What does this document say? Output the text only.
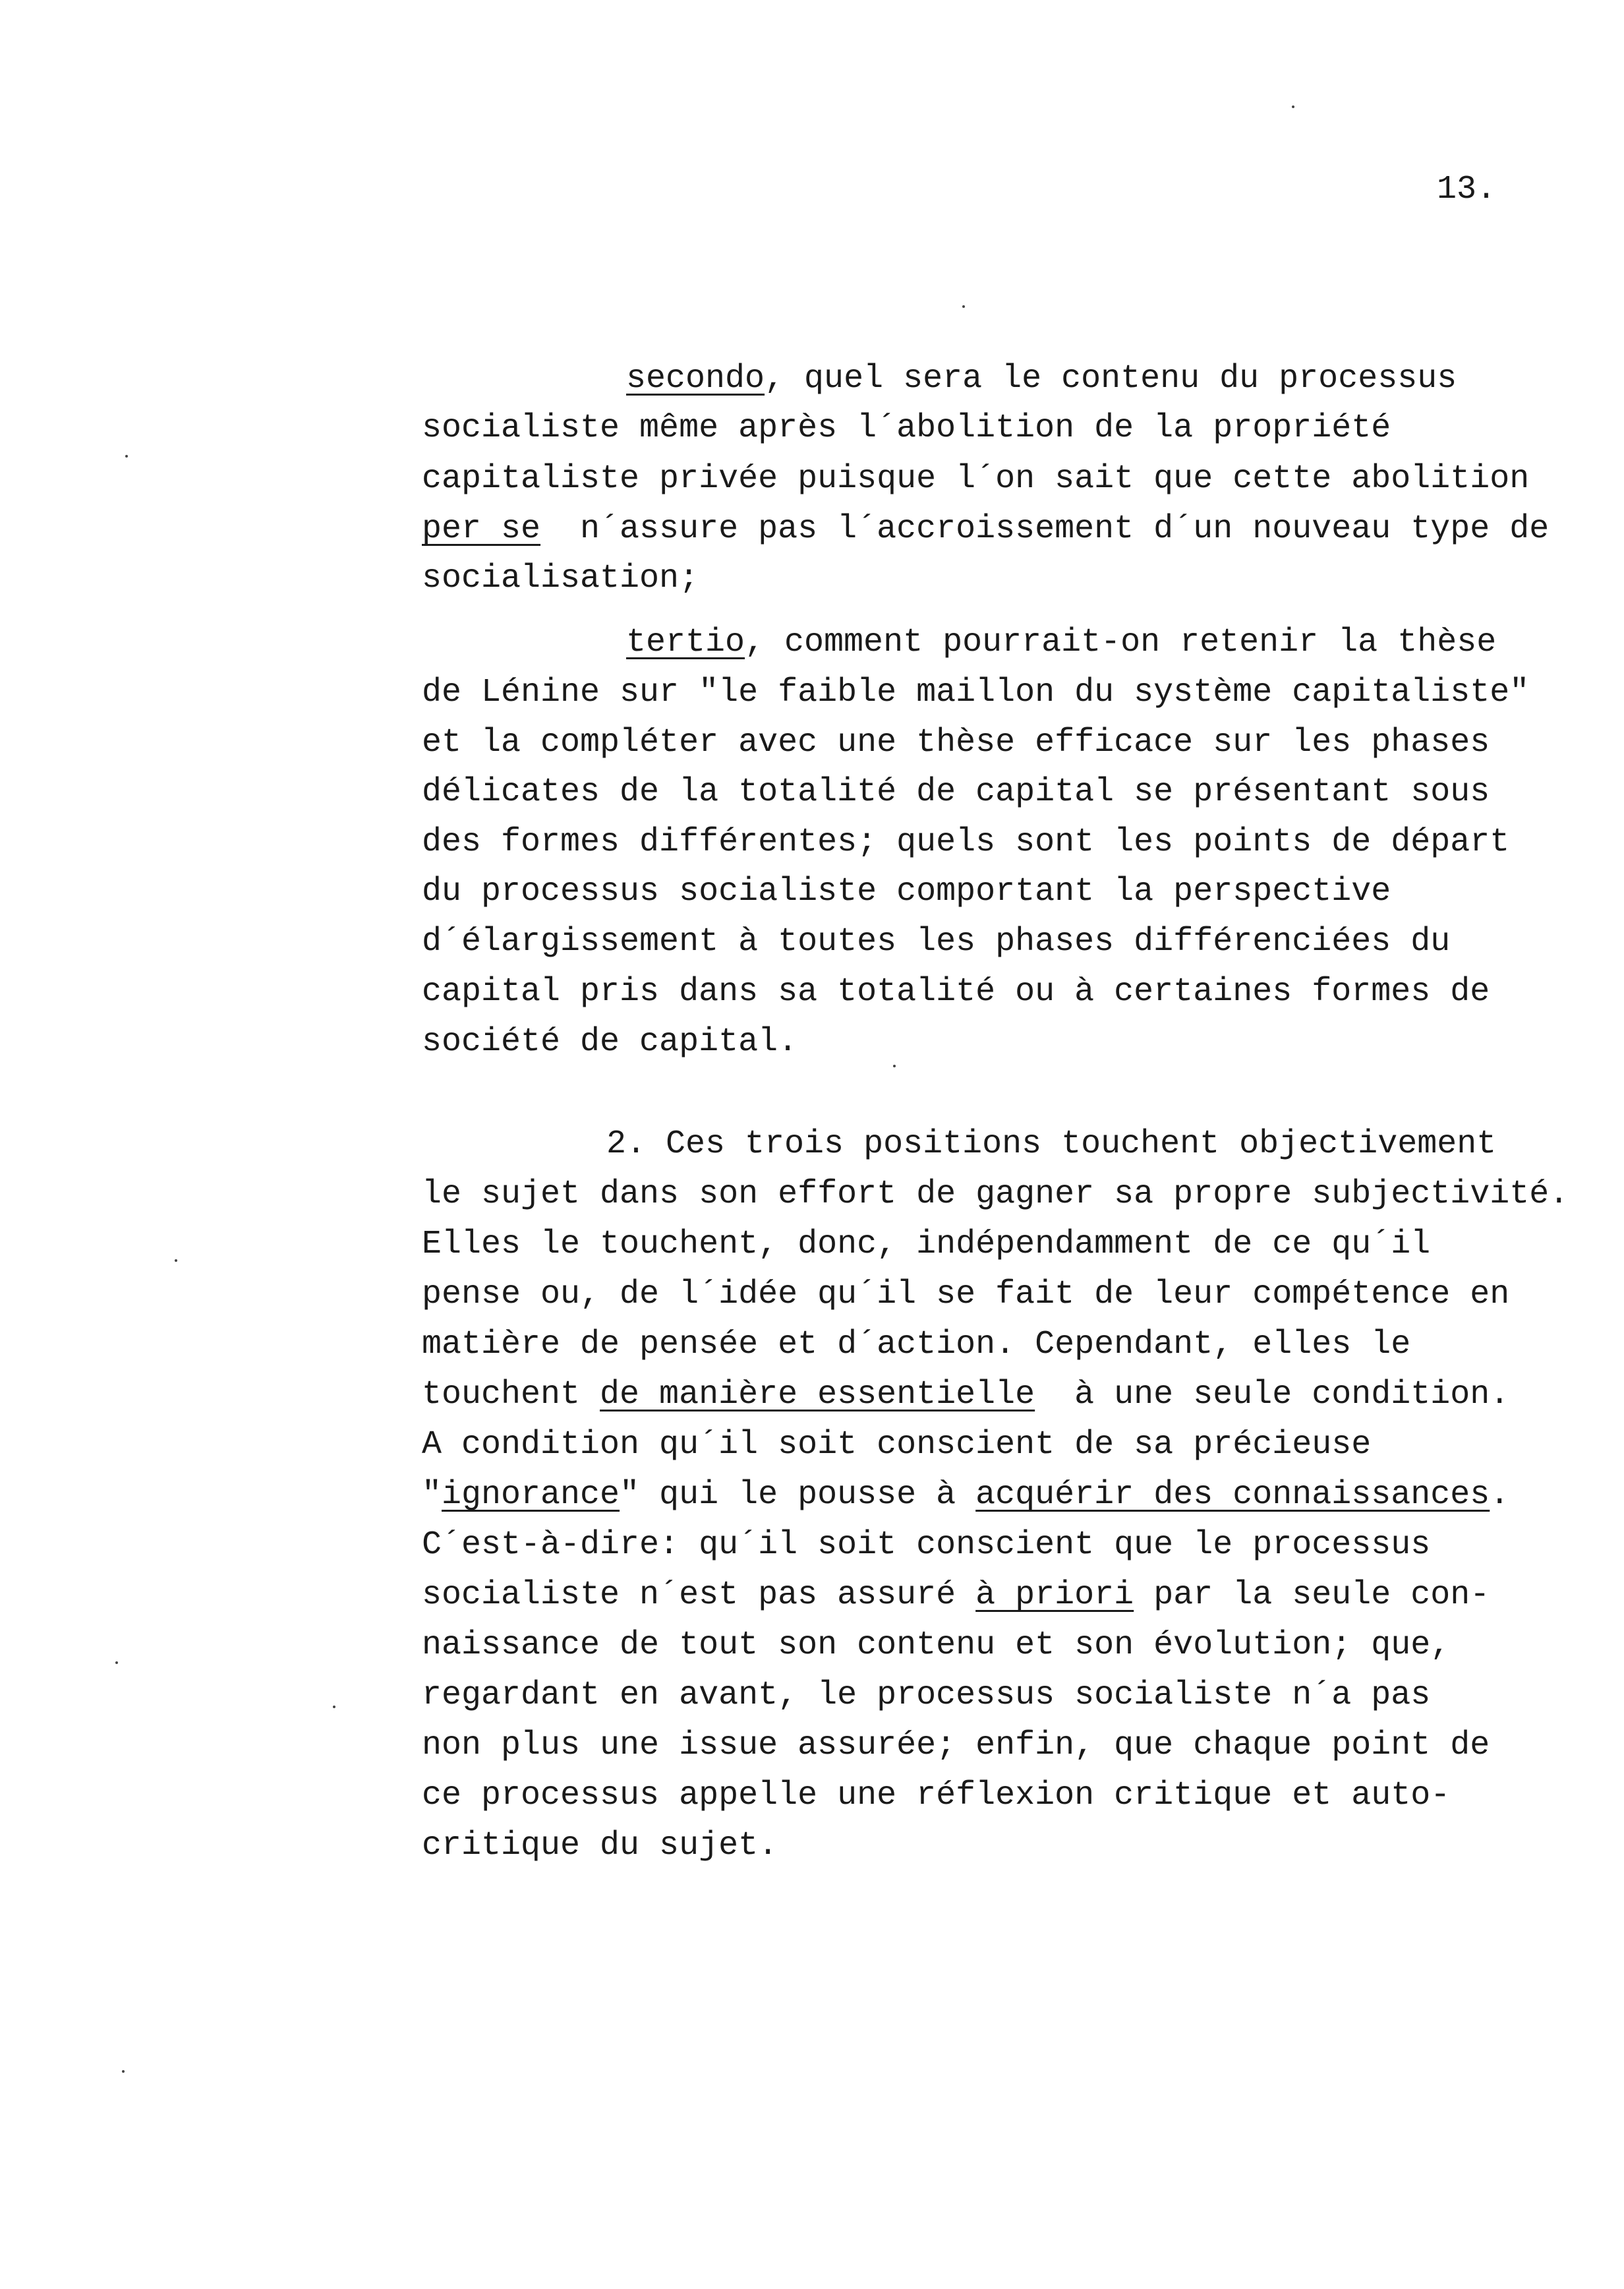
13.
secondo, quel sera le contenu du processus
socialiste même après l´abolition de la propriété
capitaliste privée puisque l´on sait que cette abolition
per se  n´assure pas l´accroissement d´un nouveau type de
socialisation;
tertio, comment pourrait-on retenir la thèse
de Lénine sur "le faible maillon du système capitaliste"
et la compléter avec une thèse efficace sur les phases
délicates de la totalité de capital se présentant sous
des formes différentes; quels sont les points de départ
du processus socialiste comportant la perspective
d´élargissement à toutes les phases différenciées du
capital pris dans sa totalité ou à certaines formes de
société de capital.
2. Ces trois positions touchent objectivement
le sujet dans son effort de gagner sa propre subjectivité.
Elles le touchent, donc, indépendamment de ce qu´il
pense ou, de l´idée qu´il se fait de leur compétence en
matière de pensée et d´action. Cependant, elles le
touchent de manière essentielle  à une seule condition.
A condition qu´il soit conscient de sa précieuse
"ignorance" qui le pousse à acquérir des connaissances.
C´est-à-dire: qu´il soit conscient que le processus
socialiste n´est pas assuré à priori par la seule con-
naissance de tout son contenu et son évolution; que,
regardant en avant, le processus socialiste n´a pas
non plus une issue assurée; enfin, que chaque point de
ce processus appelle une réflexion critique et auto-
critique du sujet.
